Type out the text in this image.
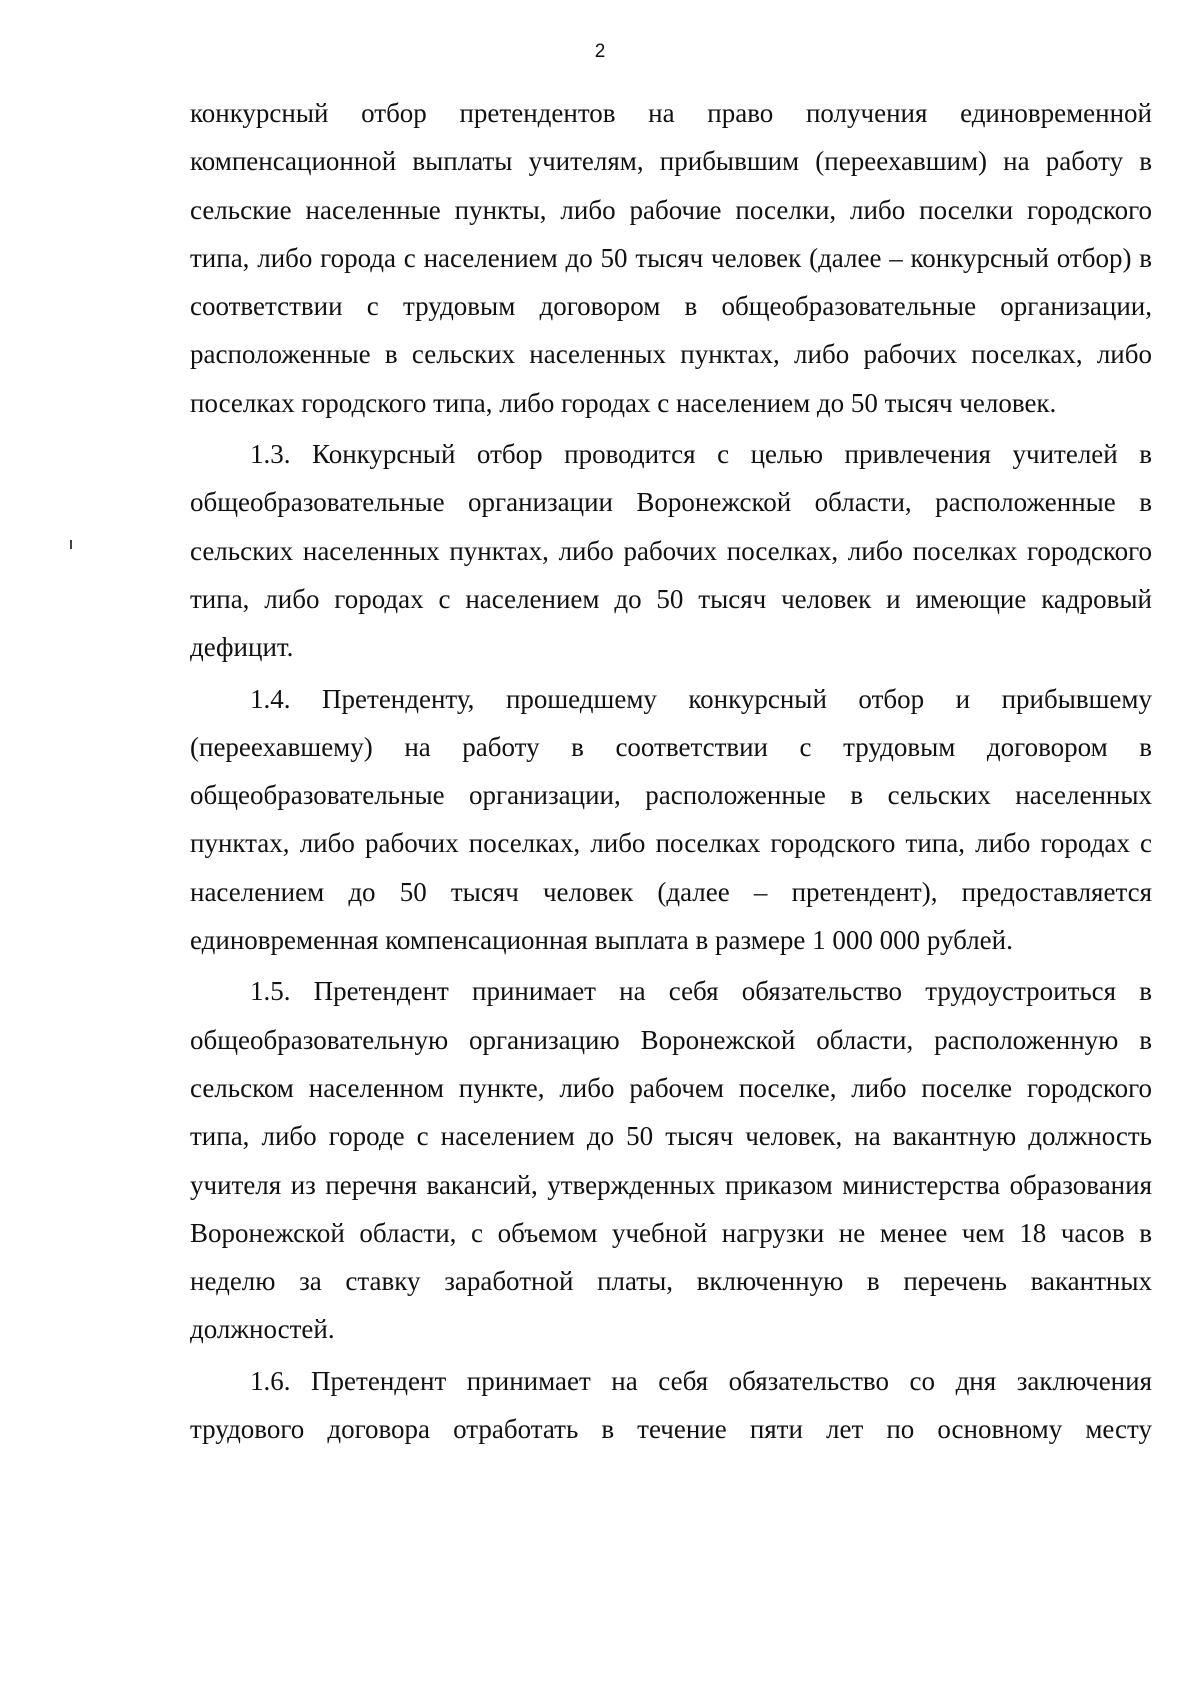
2

конкурсный отбор претендентов на право получения единовременной компенсационной выплаты учителям, прибывшим (переехавшим) на работу в сельские населенные пункты, либо рабочие поселки, либо поселки городского типа, либо города с населением до 50 тысяч человек (далее – конкурсный отбор) в соответствии с трудовым договором в общеобразовательные организации, расположенные в сельских населенных пунктах, либо рабочих поселках, либо поселках городского типа, либо городах с населением до 50 тысяч человек.

1.3. Конкурсный отбор проводится с целью привлечения учителей в общеобразовательные организации Воронежской области, расположенные в сельских населенных пунктах, либо рабочих поселках, либо поселках городского типа, либо городах с населением до 50 тысяч человек и имеющие кадровый дефицит.

1.4. Претенденту, прошедшему конкурсный отбор и прибывшему (переехавшему) на работу в соответствии с трудовым договором в общеобразовательные организации, расположенные в сельских населенных пунктах, либо рабочих поселках, либо поселках городского типа, либо городах с населением до 50 тысяч человек (далее – претендент), предоставляется единовременная компенсационная выплата в размере 1 000 000 рублей.

1.5. Претендент принимает на себя обязательство трудоустроиться в общеобразовательную организацию Воронежской области, расположенную в сельском населенном пункте, либо рабочем поселке, либо поселке городского типа, либо городе с населением до 50 тысяч человек, на вакантную должность учителя из перечня вакансий, утвержденных приказом министерства образования Воронежской области, с объемом учебной нагрузки не менее чем 18 часов в неделю за ставку заработной платы, включенную в перечень вакантных должностей.

1.6. Претендент принимает на себя обязательство со дня заключения трудового договора отработать в течение пяти лет по основному месту
